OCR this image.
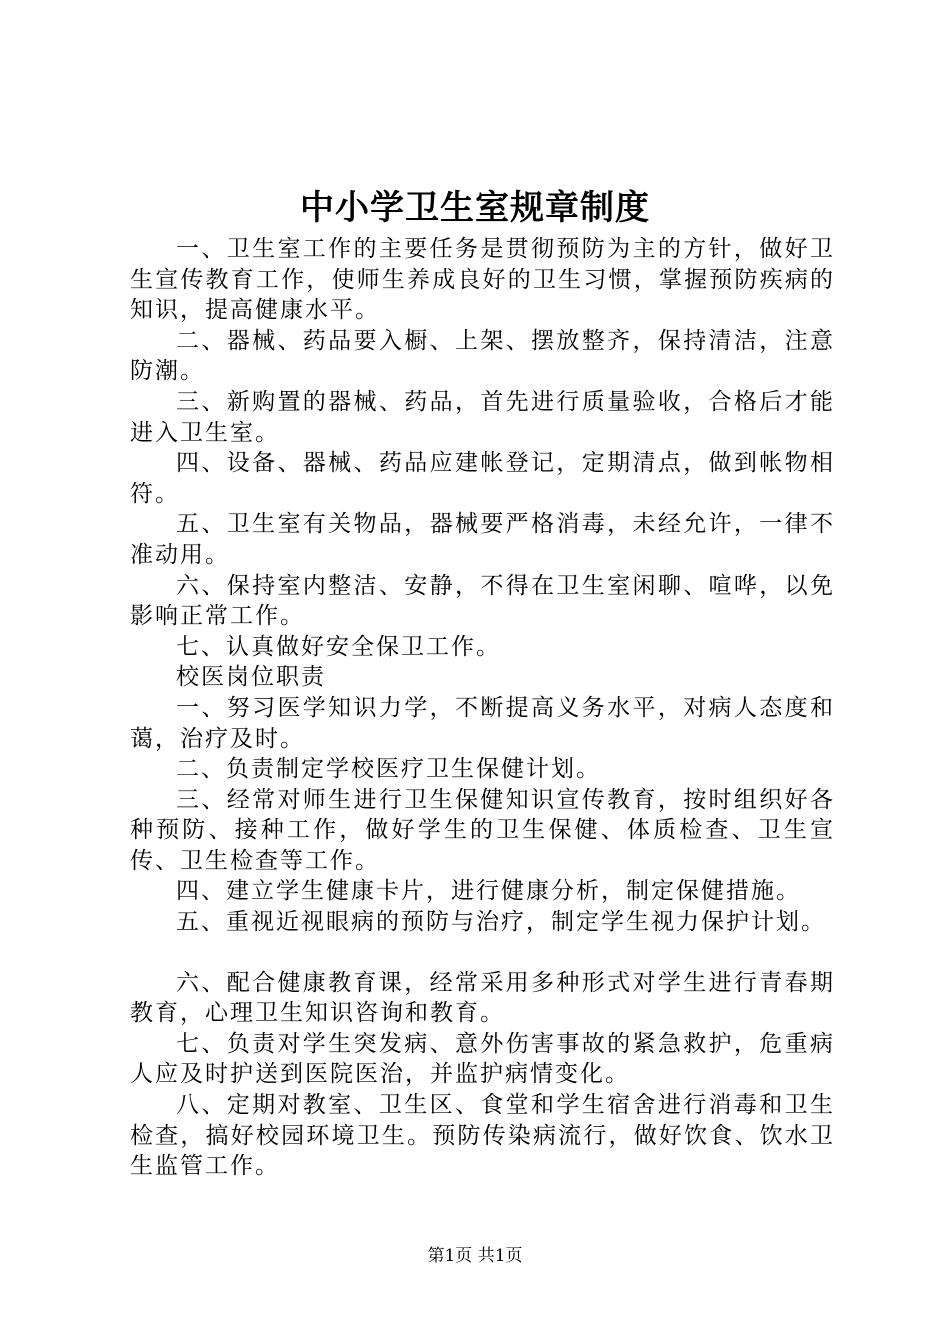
中小学卫生室规章制度

一、卫生室工作的主要任务是贯彻预防为主的方针，做好卫生宣传教育工作，使师生养成良好的卫生习惯，掌握预防疾病的知识，提高健康水平。

二、器械、药品要入橱、上架、摆放整齐，保持清洁，注意防潮。

三、新购置的器械、药品，首先进行质量验收，合格后才能进入卫生室。

四、设备、器械、药品应建帐登记，定期清点，做到帐物相符。

五、卫生室有关物品，器械要严格消毒，未经允许，一律不准动用。

六、保持室内整洁、安静，不得在卫生室闲聊、喧哗，以免影响正常工作。

七、认真做好安全保卫工作。

校医岗位职责

一、努习医学知识力学，不断提高义务水平，对病人态度和蔼，治疗及时。

二、负责制定学校医疗卫生保健计划。

三、经常对师生进行卫生保健知识宣传教育，按时组织好各种预防、接种工作，做好学生的卫生保健、体质检查、卫生宣传、卫生检查等工作。

四、建立学生健康卡片，进行健康分析，制定保健措施。

五、重视近视眼病的预防与治疗，制定学生视力保护计划。

六、配合健康教育课，经常采用多种形式对学生进行青春期教育，心理卫生知识咨询和教育。

七、负责对学生突发病、意外伤害事故的紧急救护，危重病人应及时护送到医院医治，并监护病情变化。

八、定期对教室、卫生区、食堂和学生宿舍进行消毒和卫生检查，搞好校园环境卫生。预防传染病流行，做好饮食、饮水卫生监管工作。

第1页 共1页
